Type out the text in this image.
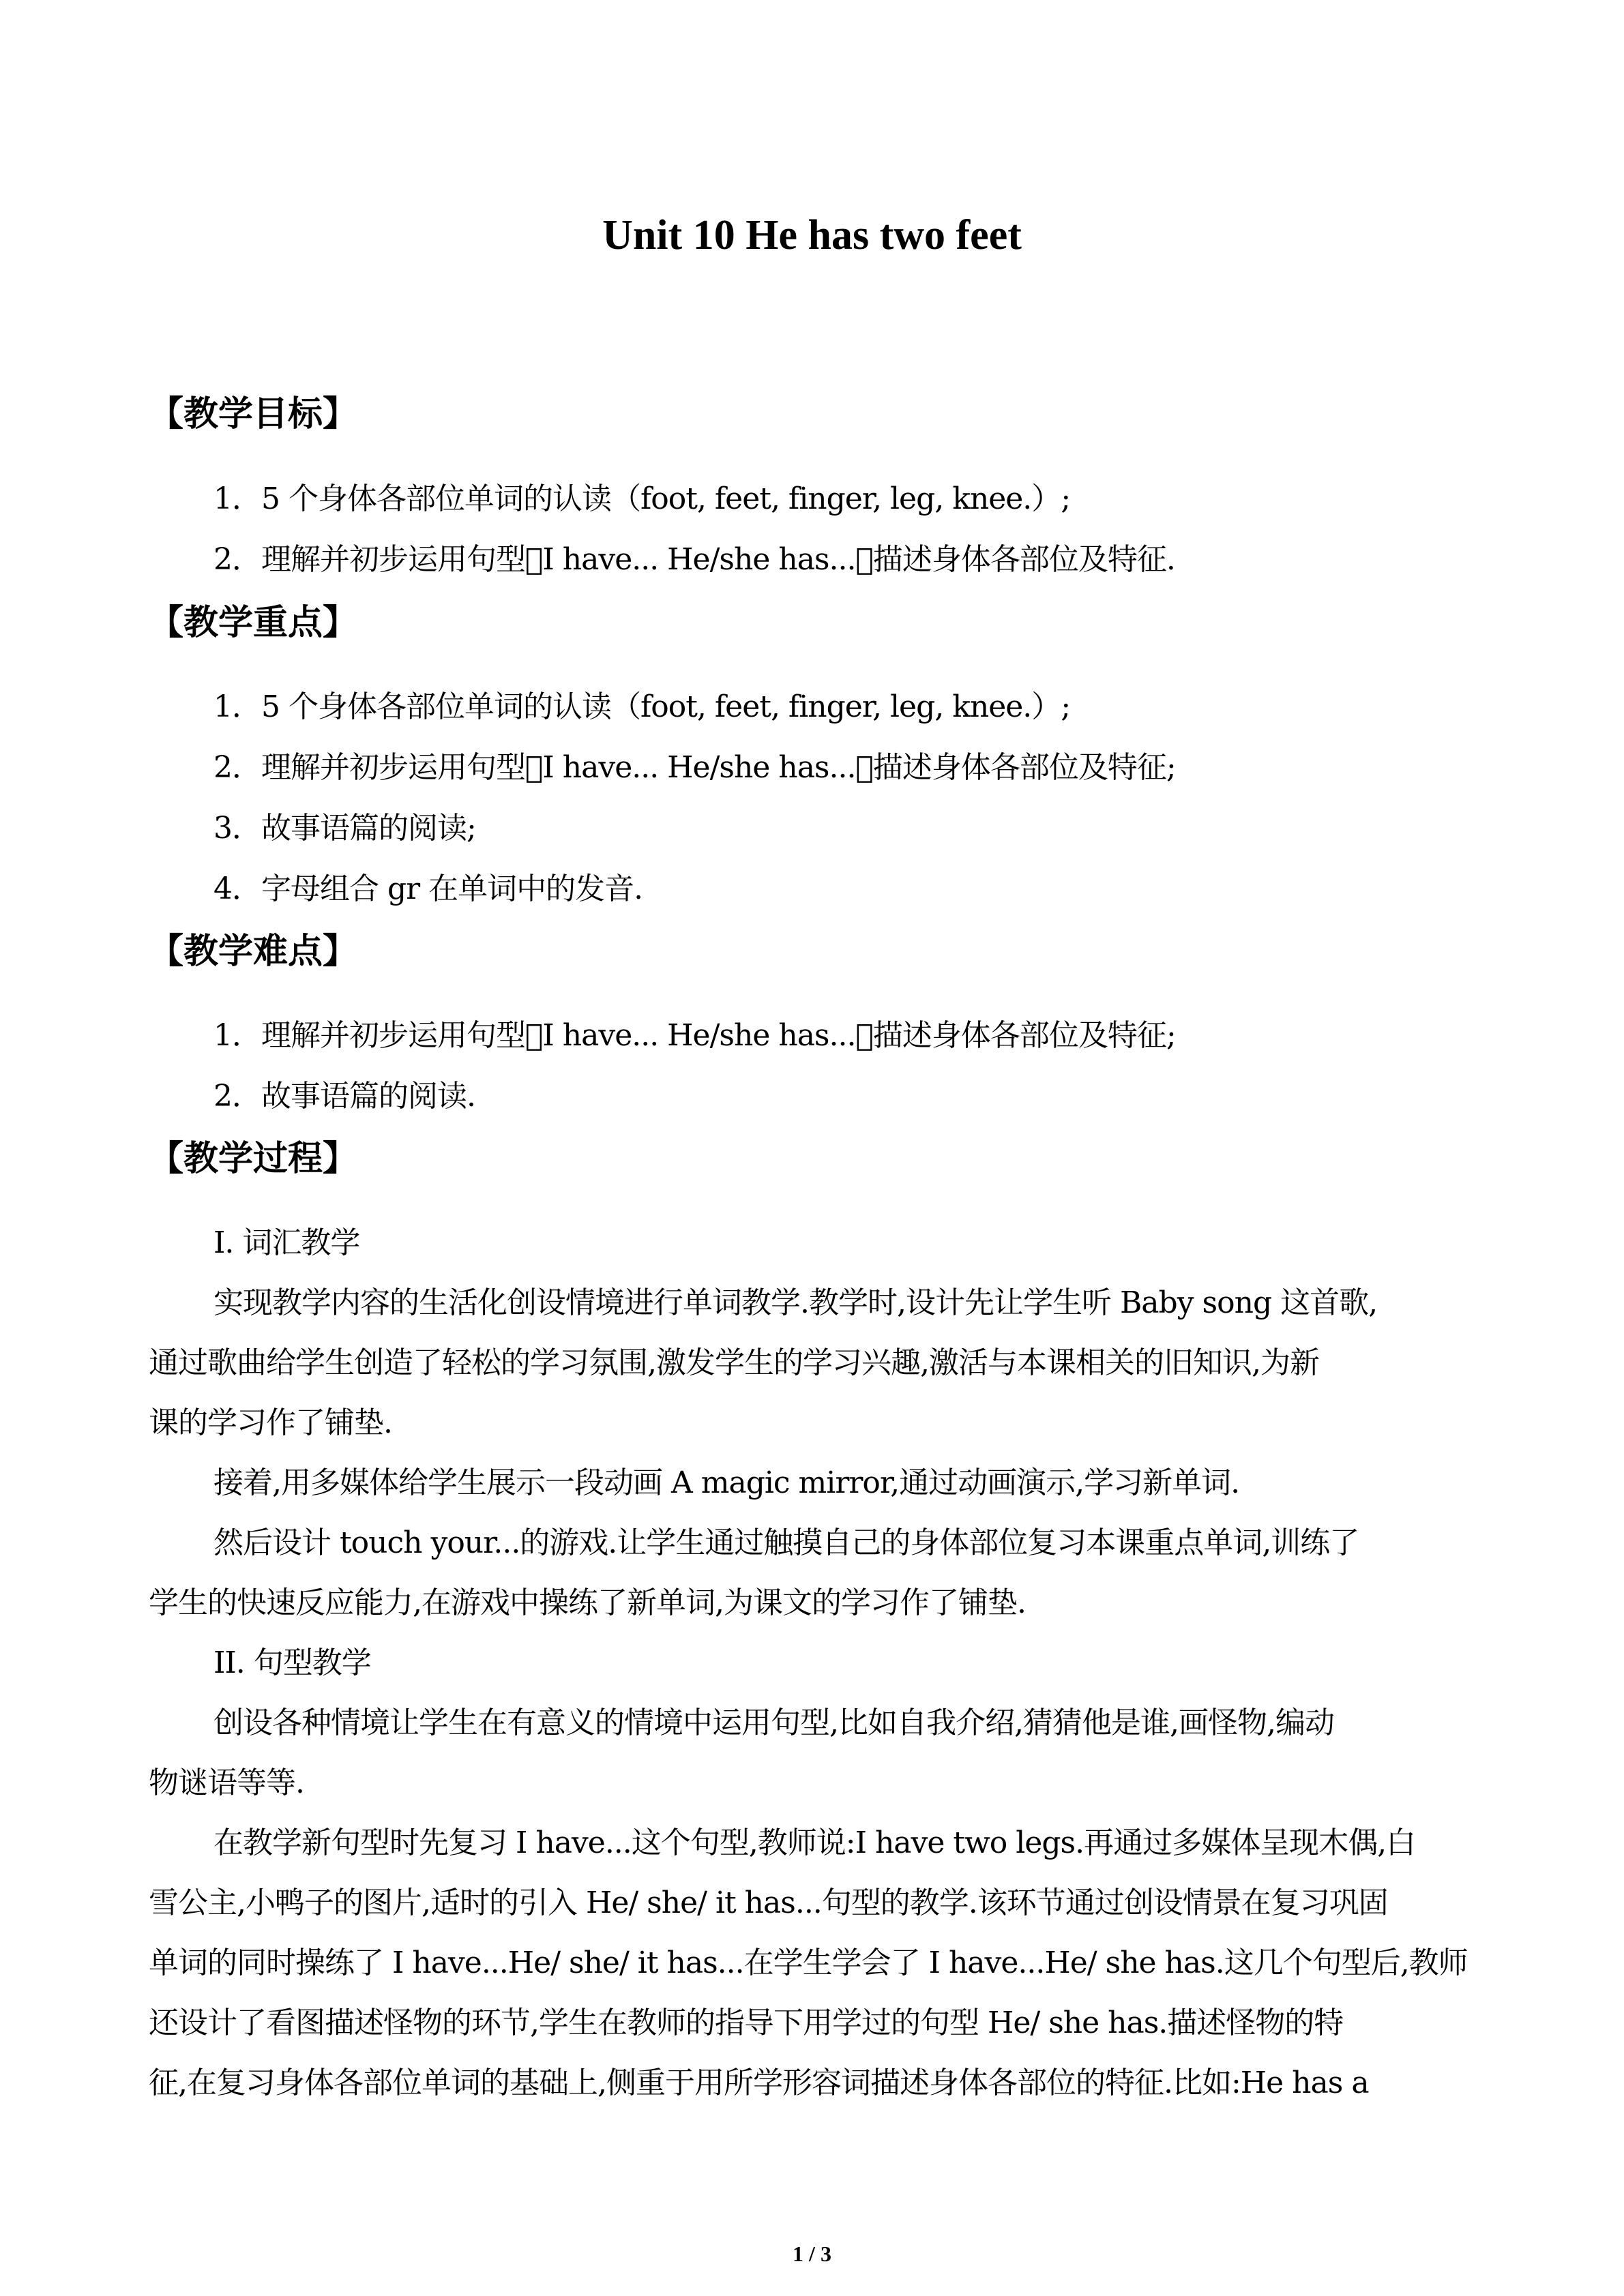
Unit 10 He has two feet
【教学目标】
1．5 个身体各部位单词的认读（foot, feet, finger, leg, knee.）;
2．理解并初步运用句型 I have... He/she has... 描述身体各部位及特征.
【教学重点】
1．5 个身体各部位单词的认读（foot, feet, finger, leg, knee.）;
2．理解并初步运用句型 I have... He/she has... 描述身体各部位及特征;
3．故事语篇的阅读;
4．字母组合 gr 在单词中的发音.
【教学难点】
1．理解并初步运用句型 I have... He/she has... 描述身体各部位及特征;
2．故事语篇的阅读.
【教学过程】
I. 词汇教学
实现教学内容的生活化创设情境进行单词教学.教学时,设计先让学生听 Baby song 这首歌,
通过歌曲给学生创造了轻松的学习氛围,激发学生的学习兴趣,激活与本课相关的旧知识,为新
课的学习作了铺垫.
接着,用多媒体给学生展示一段动画 A magic mirror,通过动画演示,学习新单词.
然后设计 touch your...的游戏.让学生通过触摸自己的身体部位复习本课重点单词,训练了
学生的快速反应能力,在游戏中操练了新单词,为课文的学习作了铺垫.
II. 句型教学
创设各种情境让学生在有意义的情境中运用句型,比如自我介绍,猜猜他是谁,画怪物,编动
物谜语等等.
在教学新句型时先复习 I have...这个句型,教师说:I have two legs.再通过多媒体呈现木偶,白
雪公主,小鸭子的图片,适时的引入 He/ she/ it has...句型的教学.该环节通过创设情景在复习巩固
单词的同时操练了 I have...He/ she/ it has...在学生学会了 I have...He/ she has.这几个句型后,教师
还设计了看图描述怪物的环节,学生在教师的指导下用学过的句型 He/ she has.描述怪物的特
征,在复习身体各部位单词的基础上,侧重于用所学形容词描述身体各部位的特征.比如:He has a
1 / 3
